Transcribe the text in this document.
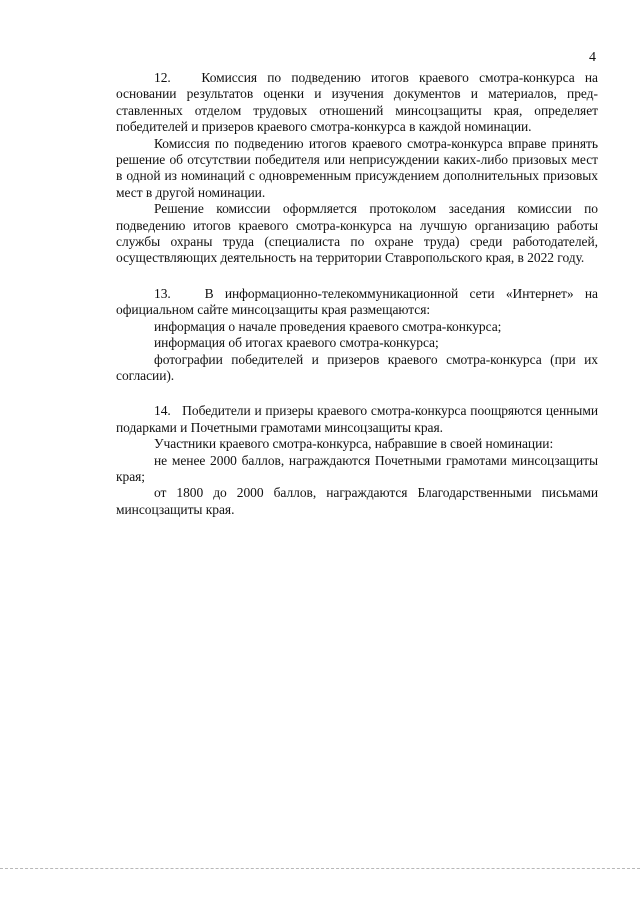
4

12.   Комиссия по подведению итогов краевого смотра-конкурса на основании результатов оценки и изучения документов и материалов, представленных отделом трудовых отношений минсоцзащиты края, определяет победителей и призеров краевого смотра-конкурса в каждой номинации.

Комиссия по подведению итогов краевого смотра-конкурса вправе принять решение об отсутствии победителя или неприсуждении каких-либо призовых мест в одной из номинаций с одновременным присуждением дополнительных призовых мест в другой номинации.

Решение комиссии оформляется протоколом заседания комиссии по подведению итогов краевого смотра-конкурса на лучшую организацию работы службы охраны труда (специалиста по охране труда) среди работодателей, осуществляющих деятельность на территории Ставропольского края, в 2022 году.

13.   В информационно-телекоммуникационной сети «Интернет» на официальном сайте минсоцзащиты края размещаются:

информация о начале проведения краевого смотра-конкурса;

информация об итогах краевого смотра-конкурса;

фотографии победителей и призеров краевого смотра-конкурса (при их согласии).

14.   Победители и призеры краевого смотра-конкурса поощряются ценными подарками и Почетными грамотами минсоцзащиты края.

Участники краевого смотра-конкурса, набравшие в своей номинации:

не менее 2000 баллов, награждаются Почетными грамотами минсоцзащиты края;

от 1800 до 2000 баллов, награждаются Благодарственными письмами минсоцзащиты края.
